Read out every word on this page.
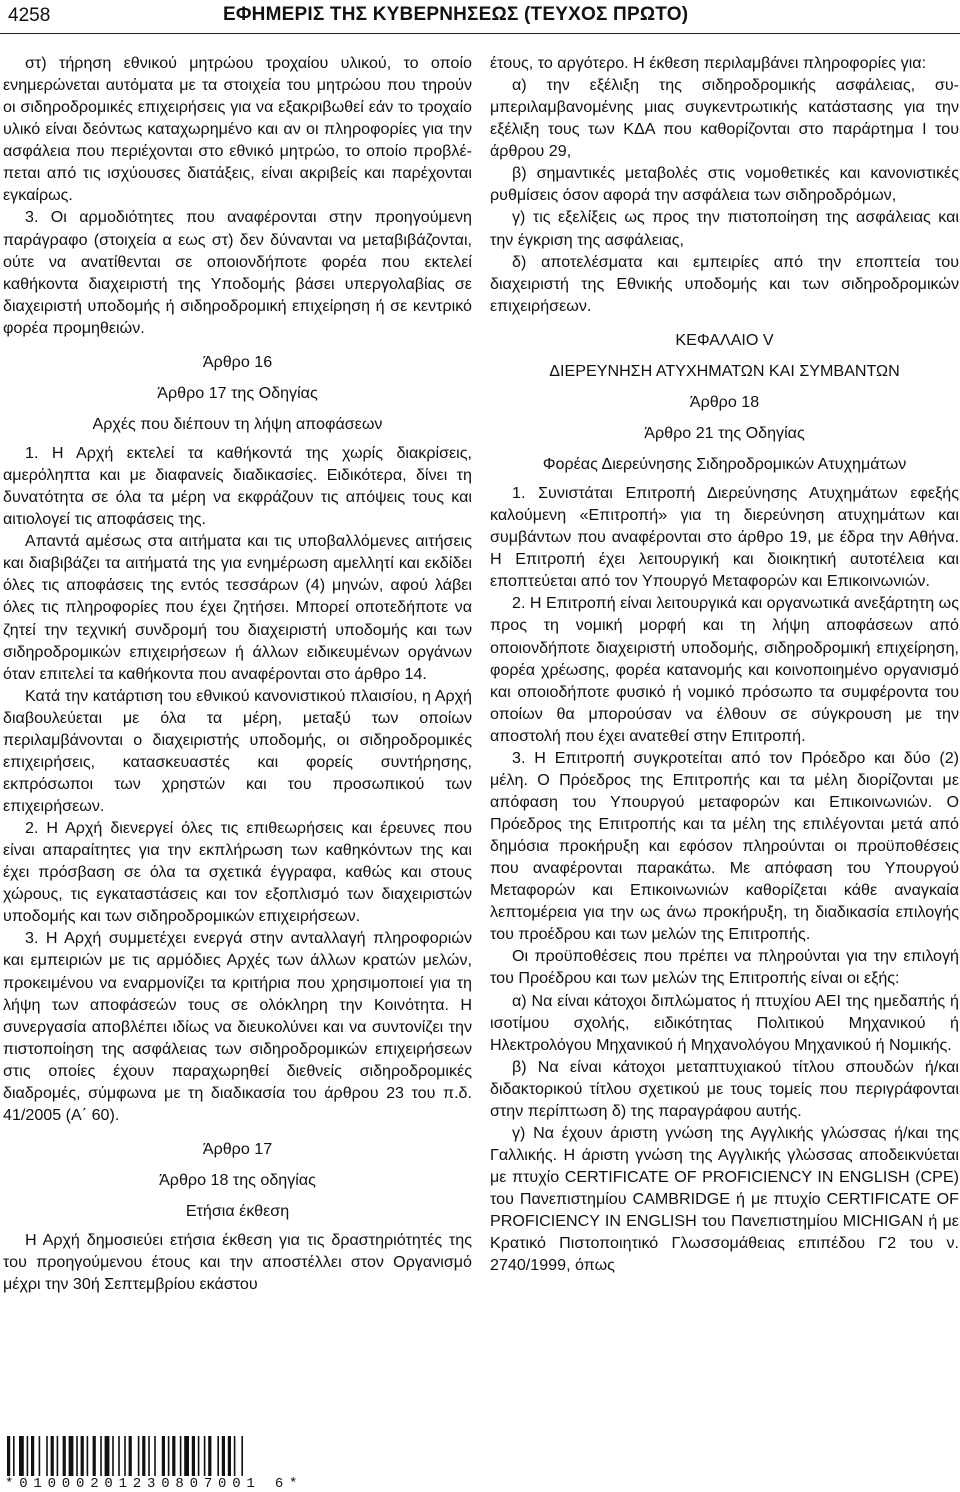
4258	ΕΦΗΜΕΡΙΣ ΤΗΣ ΚΥΒΕΡΝΗΣΕΩΣ (ΤΕΥΧΟΣ ΠΡΩΤΟ)

στ) τήρηση εθνικού μητρώου τροχαίου υλικού, το οποίο ενημερώνεται αυτόματα με τα στοιχεία του μητρώου που τηρούν οι σιδηροδρομικές επιχειρήσεις για να εξακριβωθεί εάν το τροχαίο υλικό είναι δεόντως καταχωρημένο και αν οι πληροφορίες για την ασφάλεια που περιέχονται στο εθνικό μητρώο, το οποίο προβλέπεται από τις ισχύουσες διατάξεις, είναι ακριβείς και παρέχονται εγκαίρως.

3. Οι αρμοδιότητες που αναφέρονται στην προηγούμενη παράγραφο (στοιχεία α εως στ) δεν δύνανται να μεταβιβάζονται, ούτε να ανατίθενται σε οποιονδήποτε φορέα που εκτελεί καθήκοντα διαχειριστή της Υποδομής βάσει υπεργολαβίας σε διαχειριστή υποδομής ή σιδηροδρομική επιχείρηση ή σε κεντρικό φορέα προμηθειών.

Άρθρο 16

Άρθρο 17 της Οδηγίας

Αρχές που διέπουν τη λήψη αποφάσεων

1. Η Αρχή εκτελεί τα καθήκοντά της χωρίς διακρίσεις, αμερόληπτα και με διαφανείς διαδικασίες. Ειδικότερα, δίνει τη δυνατότητα σε όλα τα μέρη να εκφράζουν τις απόψεις τους και αιτιολογεί τις αποφάσεις της.

Απαντά αμέσως στα αιτήματα και τις υποβαλλόμενες αιτήσεις και διαβιβάζει τα αιτήματά της για ενημέρωση αμελλητί και εκδίδει όλες τις αποφάσεις της εντός τεσσάρων (4) μηνών, αφού λάβει όλες τις πληροφορίες που έχει ζητήσει. Μπορεί οποτεδήποτε να ζητεί την τεχνική συνδρομή του διαχειριστή υποδομής και των σιδηροδρομικών επιχειρήσεων ή άλλων ειδικευμένων οργάνων όταν επιτελεί τα καθήκοντα που αναφέρονται στο άρθρο 14.

Κατά την κατάρτιση του εθνικού κανονιστικού πλαισίου, η Αρχή διαβουλεύεται με όλα τα μέρη, μεταξύ των οποίων περιλαμβάνονται ο διαχειριστής υποδομής, οι σιδηροδρομικές επιχειρήσεις, κατασκευαστές και φορείς συντήρησης, εκπρόσωποι των χρηστών και του προσωπικού των επιχειρήσεων.

2. Η Αρχή διενεργεί όλες τις επιθεωρήσεις και έρευνες που είναι απαραίτητες για την εκπλήρωση των καθηκόντων της και έχει πρόσβαση σε όλα τα σχετικά έγγραφα, καθώς και στους χώρους, τις εγκαταστάσεις και τον εξοπλισμό των διαχειριστών υποδομής και των σιδηροδρομικών επιχειρήσεων.

3. Η Αρχή συμμετέχει ενεργά στην ανταλλαγή πληροφοριών και εμπειριών με τις αρμόδιες Αρχές των άλλων κρατών μελών, προκειμένου να εναρμονίζει τα κριτήρια που χρησιμοποιεί για τη λήψη των αποφάσεών τους σε ολόκληρη την Κοινότητα. Η συνεργασία αποβλέπει ιδίως να διευκολύνει και να συντονίζει την πιστοποίηση της ασφάλειας των σιδηροδρομικών επιχειρήσεων στις οποίες έχουν παραχωρηθεί διεθνείς σιδηροδρομικές διαδρομές, σύμφωνα με τη διαδικασία του άρθρου 23 του π.δ. 41/2005 (Α΄ 60).

Άρθρο 17

Άρθρο 18 της οδηγίας

Ετήσια έκθεση

Η Αρχή δημοσιεύει ετήσια έκθεση για τις δραστηριότητές της του προηγούμενου έτους και την αποστέλλει στον Οργανισμό μέχρι την 30ή Σεπτεμβρίου εκάστου

έτους, το αργότερο. Η έκθεση περιλαμβάνει πληροφορίες για:

α) την εξέλιξη της σιδηροδρομικής ασφάλειας, συμπεριλαμβανομένης μιας συγκεντρωτικής κατάστασης για την εξέλιξη τους των ΚΔΑ που καθορίζονται στο παράρτημα Ι του άρθρου 29,

β) σημαντικές μεταβολές στις νομοθετικές και κανονιστικές ρυθμίσεις όσον αφορά την ασφάλεια των σιδηροδρόμων,

γ) τις εξελίξεις ως προς την πιστοποίηση της ασφάλειας και την έγκριση της ασφάλειας,

δ) αποτελέσματα και εμπειρίες από την εποπτεία του διαχειριστή της Εθνικής υποδομής και των σιδηροδρομικών επιχειρήσεων.

ΚΕΦΑΛΑΙΟ V

ΔΙΕΡΕΥΝΗΣΗ ΑΤΥΧΗΜΑΤΩΝ ΚΑΙ ΣΥΜΒΑΝΤΩΝ

Άρθρο 18

Άρθρο 21 της Οδηγίας

Φορέας Διερεύνησης Σιδηροδρομικών Ατυχημάτων

1. Συνιστάται Επιτροπή Διερεύνησης Ατυχημάτων εφεξής καλούμενη «Επιτροπή» για τη διερεύνηση ατυχημάτων και συμβάντων που αναφέρονται στο άρθρο 19, με έδρα την Αθήνα. Η Επιτροπή έχει λειτουργική και διοικητική αυτοτέλεια και εποπτεύεται από τον Υπουργό Μεταφορών και Επικοινωνιών.

2. Η Επιτροπή είναι λειτουργικά και οργανωτικά ανεξάρτητη ως προς τη νομική μορφή και τη λήψη αποφάσεων από οποιονδήποτε διαχειριστή υποδομής, σιδηροδρομική επιχείρηση, φορέα χρέωσης, φορέα κατανομής και κοινοποιημένο οργανισμό και οποιοδήποτε φυσικό ή νομικό πρόσωπο τα συμφέροντα του οποίων θα μπορούσαν να έλθουν σε σύγκρουση με την αποστολή που έχει ανατεθεί στην Επιτροπή.

3. Η Επιτροπή συγκροτείται από τον Πρόεδρο και δύο (2) μέλη. Ο Πρόεδρος της Επιτροπής και τα μέλη διορίζονται με απόφαση του Υπουργού μεταφορών και Επικοινωνιών. Ο Πρόεδρος της Επιτροπής και τα μέλη της επιλέγονται μετά από δημόσια προκήρυξη και εφόσον πληρούνται οι προϋποθέσεις που αναφέρονται παρακάτω. Με απόφαση του Υπουργού Μεταφορών και Επικοινωνιών καθορίζεται κάθε αναγκαία λεπτομέρεια για την ως άνω προκήρυξη, τη διαδικασία επιλογής του προέδρου και των μελών της Επιτροπής.

Οι προϋποθέσεις που πρέπει να πληρούνται για την επιλογή του Προέδρου και των μελών της Επιτροπής είναι οι εξής:

α) Να είναι κάτοχοι διπλώματος ή πτυχίου ΑΕΙ της ημεδαπής ή ισοτίμου σχολής, ειδικότητας Πολιτικού Μηχανικού ή Ηλεκτρολόγου Μηχανικού ή Μηχανολόγου Μηχανικού ή Νομικής.

β) Να είναι κάτοχοι μεταπτυχιακού τίτλου σπουδών ή/και διδακτορικού τίτλου σχετικού με τους τομείς που περιγράφονται στην περίπτωση δ) της παραγράφου αυτής.

γ) Να έχουν άριστη γνώση της Αγγλικής γλώσσας ή/και της Γαλλικής. Η άριστη γνώση της Αγγλικής γλώσσας αποδεικνύεται με πτυχίο CERTIFICATE OF PROFICIENCY IN ENGLISH (CPE) του Πανεπιστημίου CAMBRIDGE ή με πτυχίο CERTIFICATE OF PROFICIENCY IN ENGLISH του Πανεπιστημίου MICHIGAN ή με Κρατικό Πιστοποιητικό Γλωσσομάθειας επιπέδου Γ2 του ν. 2740/1999, όπως

*01000201230807001 6*
